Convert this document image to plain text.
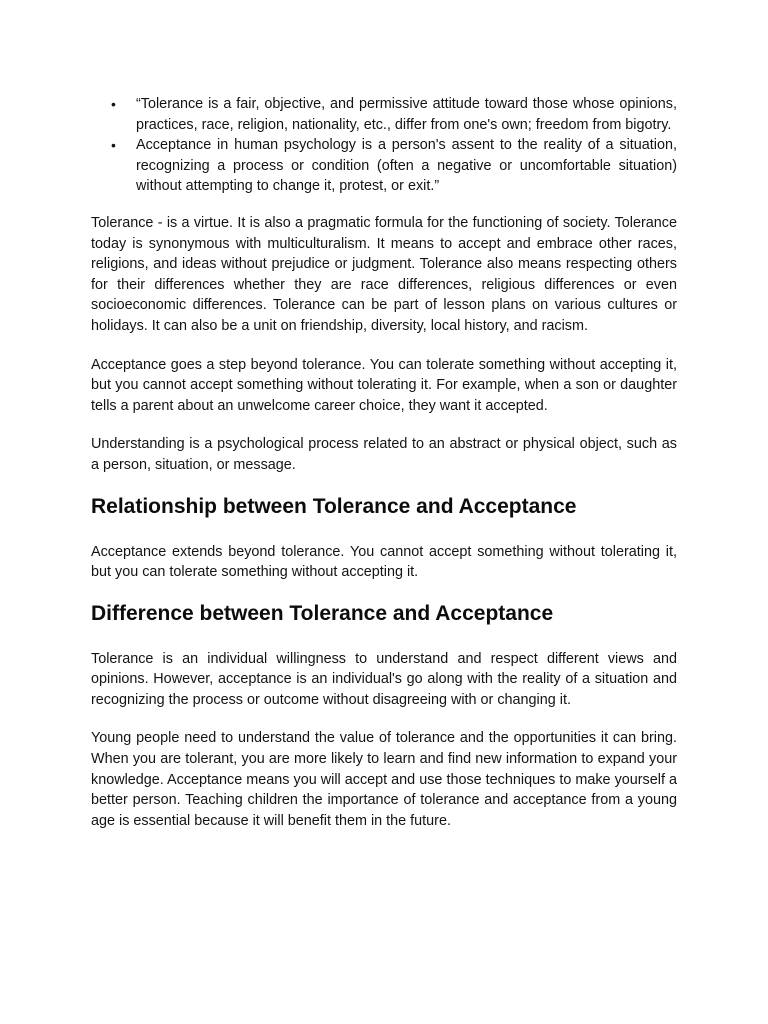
• “Tolerance is a fair, objective, and permissive attitude toward those whose opinions, practices, race, religion, nationality, etc., differ from one's own; freedom from bigotry.
• Acceptance in human psychology is a person's assent to the reality of a situation, recognizing a process or condition (often a negative or uncomfortable situation) without attempting to change it, protest, or exit.”

Tolerance - is a virtue. It is also a pragmatic formula for the functioning of society. Tolerance today is synonymous with multiculturalism. It means to accept and embrace other races, religions, and ideas without prejudice or judgment. Tolerance also means respecting others for their differences whether they are race differences, religious differences or even socioeconomic differences. Tolerance can be part of lesson plans on various cultures or holidays. It can also be a unit on friendship, diversity, local history, and racism.

Acceptance goes a step beyond tolerance. You can tolerate something without accepting it, but you cannot accept something without tolerating it. For example, when a son or daughter tells a parent about an unwelcome career choice, they want it accepted.

Understanding is a psychological process related to an abstract or physical object, such as a person, situation, or message.

Relationship between Tolerance and Acceptance

Acceptance extends beyond tolerance. You cannot accept something without tolerating it, but you can tolerate something without accepting it.

Difference between Tolerance and Acceptance

Tolerance is an individual willingness to understand and respect different views and opinions. However, acceptance is an individual's go along with the reality of a situation and recognizing the process or outcome without disagreeing with or changing it.

Young people need to understand the value of tolerance and the opportunities it can bring. When you are tolerant, you are more likely to learn and find new information to expand your knowledge. Acceptance means you will accept and use those techniques to make yourself a better person. Teaching children the importance of tolerance and acceptance from a young age is essential because it will benefit them in the future.
